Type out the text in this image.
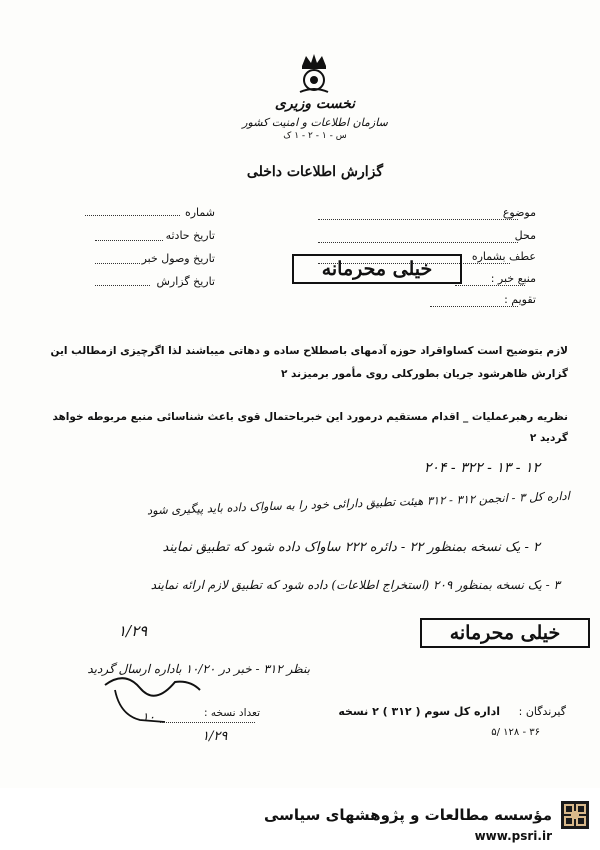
نخست وزیری
سازمان اطلاعات و امنیت کشور
س - ۱ - ۲ - ۱ ک
گزارش اطلاعات داخلی
موضوع
محل
عطف بشماره
منبع خبر :
تقویم :
شماره
تاریخ حادثه
تاریخ وصول خبر
تاریخ گزارش
خیلی محرمانه
لازم بتوضیح است کساواقراد حوزه آدمهای باصطلاح ساده و دهاتی میباشند لذا اگرچیزی ازمطالب این
گزارش ظاهرشود جریان بطورکلی روی مأمور برمیزند ۲
نظریه رهبرعملیات _ اقدام مستقیم درمورد این خبرباحتمال قوی باعث شناسائی منبع مربوطه خواهد
گردید ۲
۱۲ - ۱۳ - ۳۲۲ - ۲۰۴
اداره کل ۳ - انجمن ۳۱۲ - ۳۱۲ هیئت تطبیق دارائی خود را به ساواک داده باید پیگیری شود
۲ - یک نسخه بمنظور ۲۲ - دائره ۲۲۲ ساواک داده شود که تطبیق نمایند
۳ - یک نسخه بمنظور ۲۰۹ (استخراج اطلاعات) داده شود که تطبیق لازم ارائه نمایند
۱/۲۹	خیلی محرمانه
بنظر ۳۱۲ - خبر در ۱۰/۲۰ باداره ارسال گردید
گیرندگان :
اداره کل سوم ( ۳۱۲ ) ۲ نسخه
تعداد نسخه :
۱۰
۳۶ - ۱۲۸ /۵
۱/۲۹
مؤسسه مطالعات و پژوهشهای سیاسی
www.psri.ir
